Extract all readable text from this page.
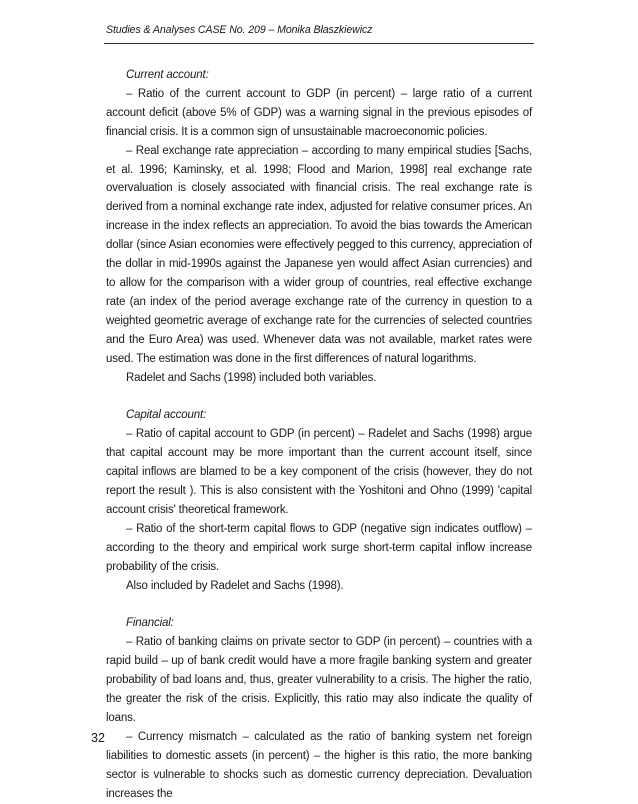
Studies & Analyses CASE No. 209 – Monika Błaszkiewicz

Current account:

– Ratio of the current account to GDP (in percent) – large ratio of a current account deficit (above 5% of GDP) was a warning signal in the previous episodes of financial crisis. It is a common sign of unsustainable macroeconomic policies.

– Real exchange rate appreciation – according to many empirical studies [Sachs, et al. 1996; Kaminsky, et al. 1998; Flood and Marion, 1998] real exchange rate overvaluation is closely associated with financial crisis. The real exchange rate is derived from a nominal exchange rate index, adjusted for relative consumer prices. An increase in the index reflects an appreciation. To avoid the bias towards the American dollar (since Asian economies were effectively pegged to this currency, appreciation of the dollar in mid-1990s against the Japanese yen would affect Asian currencies) and to allow for the comparison with a wider group of countries, real effective exchange rate (an index of the period average exchange rate of the currency in question to a weighted geometric average of exchange rate for the currencies of selected countries and the Euro Area) was used. Whenever data was not available, market rates were used. The estimation was done in the first differences of natural logarithms.

Radelet and Sachs (1998) included both variables.

Capital account:

– Ratio of capital account to GDP (in percent) – Radelet and Sachs (1998) argue that capital account may be more important than the current account itself, since capital inflows are blamed to be a key component of the crisis (however, they do not report the result ). This is also consistent with the Yoshitoni and Ohno (1999) 'capital account crisis' theoretical framework.

– Ratio of the short-term capital flows to GDP (negative sign indicates outflow) – according to the theory and empirical work surge short-term capital inflow increase probability of the crisis.

Also included by Radelet and Sachs (1998).

Financial:

– Ratio of banking claims on private sector to GDP (in percent) – countries with a rapid build – up of bank credit would have a more fragile banking system and greater probability of bad loans and, thus, greater vulnerability to a crisis. The higher the ratio, the greater the risk of the crisis. Explicitly, this ratio may also indicate the quality of loans.

– Currency mismatch – calculated as the ratio of banking system net foreign liabilities to domestic assets (in percent) – the higher is this ratio, the more banking sector is vulnerable to shocks such as domestic currency depreciation. Devaluation increases the

32
